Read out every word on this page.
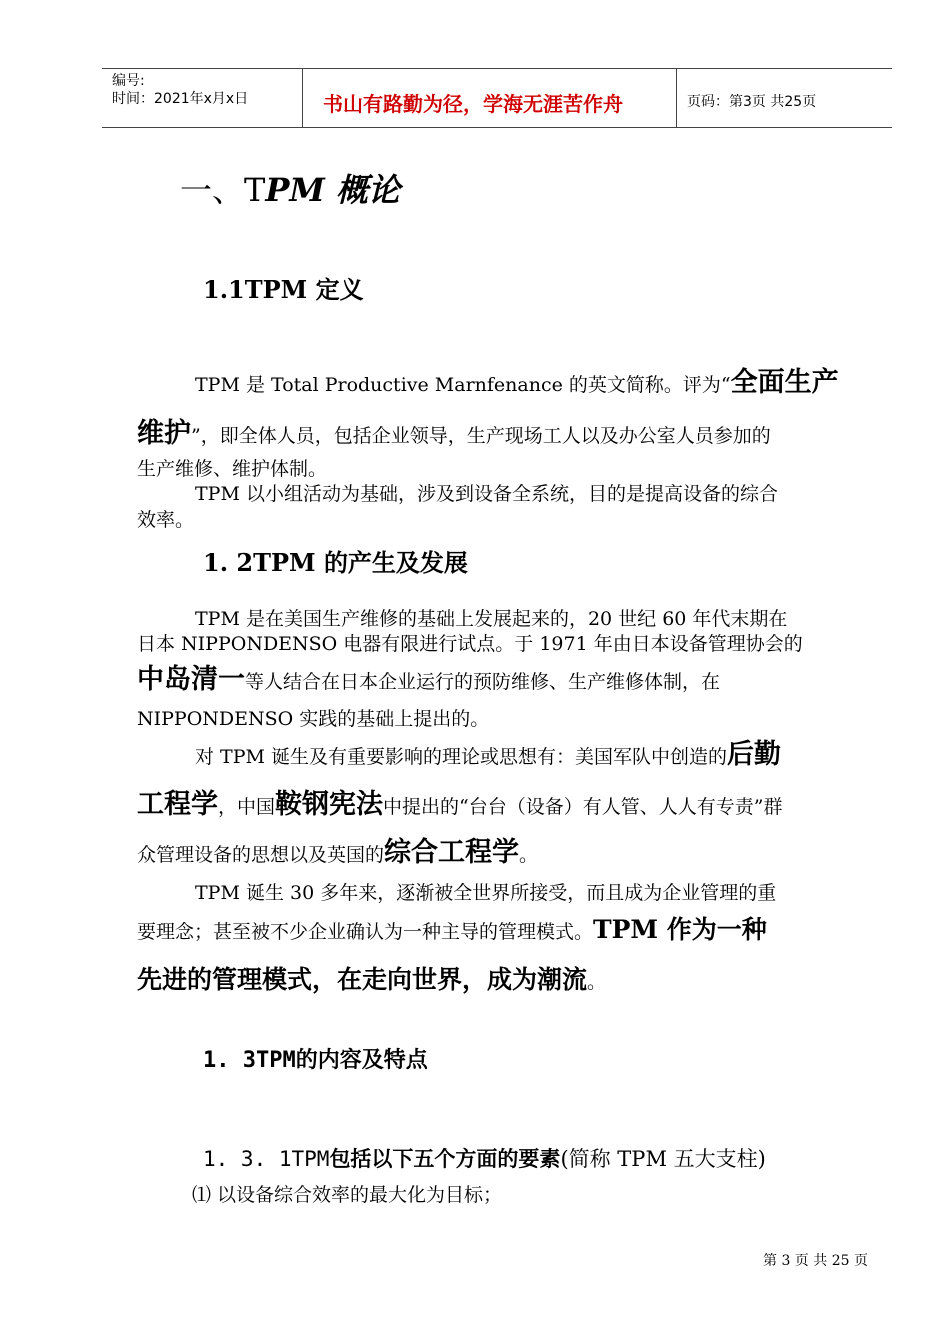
编号:
时间：2021年x月x日	书山有路勤为径，学海无涯苦作舟	页码：第3页 共25页
一、TPM 概论
1.1TPM 定义
TPM 是 Total Productive Marnfenance 的英文简称。评为“全面生产
维护”，即全体人员，包括企业领导，生产现场工人以及办公室人员参加的
生产维修、维护体制。
TPM 以小组活动为基础，涉及到设备全系统，目的是提高设备的综合
效率。
1. 2TPM 的产生及发展
TPM 是在美国生产维修的基础上发展起来的，20 世纪 60 年代末期在
日本 NIPPONDENSO 电器有限进行试点。于 1971 年由日本设备管理协会的
中岛清一等人结合在日本企业运行的预防维修、生产维修体制，在
NIPPONDENSO 实践的基础上提出的。
对 TPM 诞生及有重要影响的理论或思想有：美国军队中创造的后勤
工程学，中国鞍钢宪法中提出的“台台（设备）有人管、人人有专责”群
众管理设备的思想以及英国的综合工程学。
TPM 诞生 30 多年来，逐渐被全世界所接受，而且成为企业管理的重
要理念；甚至被不少企业确认为一种主导的管理模式。TPM 作为一种
先进的管理模式，在走向世界，成为潮流。
1. 3TPM的内容及特点
1. 3. 1TPM包括以下五个方面的要素(简称 TPM 五大支柱)
⑴ 以设备综合效率的最大化为目标；
第 3 页 共 25 页
